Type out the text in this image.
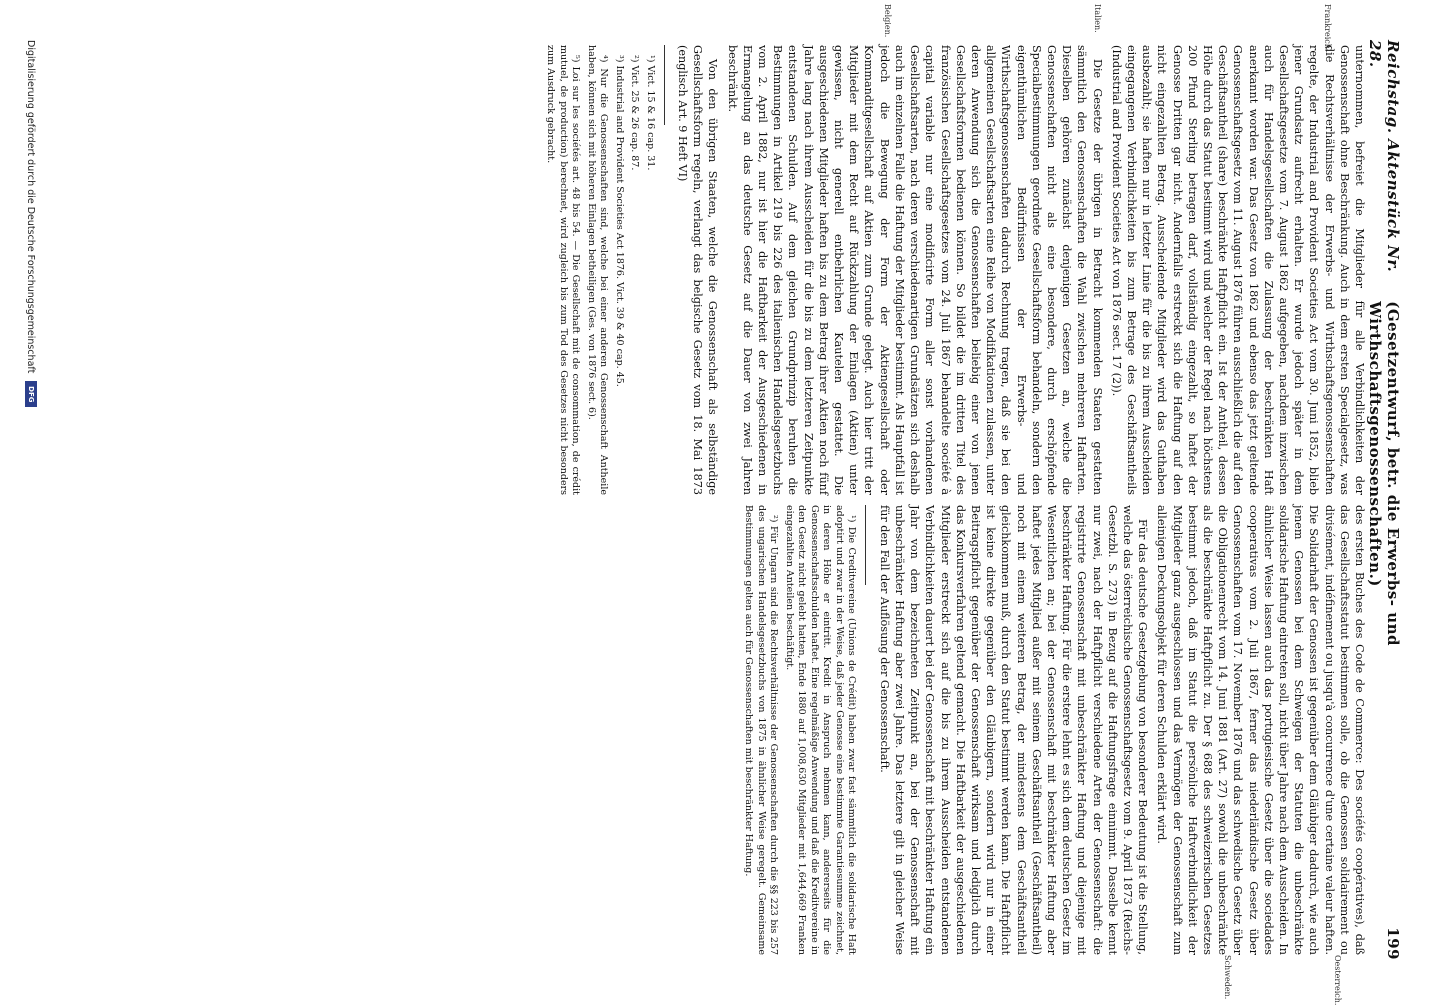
Reichstag. Aktenstück Nr. 28.
(Gesetzentwurf, betr. die Erwerbs- und Wirthschaftsgenossenschaften.)
199

unternommen, befreiet die Mitglieder für alle Verbindlichkeiten der Genossenschaft ohne Beschränkung. Auch in dem ersten Specialgesetz, was die Rechtsverhältnisse der Erwerbs- und Wirthschaftsgenossenschaften regelte, der Industrial and Provident Societies Act vom 30. Juni 1852, blieb jener Grundsatz aufrecht erhalten. Er wurde jedoch später in dem Gesellschaftsgesetze vom 7. August 1862 aufgegeben, nachdem inzwischen auch für Handelsgesellschaften die Zulassung der beschränkten Haft anerkannt worden war. Das Gesetz von 1862 und ebenso das jetzt geltende Genossenschaftsgesetz vom 11. August 1876 führen ausschließlich die auf den Geschäftsantheil (share) beschränkte Haftpflicht ein. Ist der Antheil, dessen Höhe durch das Statut bestimmt wird und welcher der Regel nach höchstens 200 Pfund Sterling betragen darf, vollständig eingezahlt, so haftet der Genosse Dritten gar nicht. Andernfalls erstreckt sich die Haftung auf den nicht eingezahlten Betrag. Ausscheidende Mitglieder wird das Guthaben ausbezahlt; sie haften nur in letzter Linie für die bis zu ihrem Ausscheiden eingegangenen Verbindlichkeiten bis zum Betrage des Geschäftsantheils (Industrial and Provident Societies Act von 1876 sect. 17 (2)).

Die Gesetze der übrigen in Betracht kommenden Staaten gestatten sämmtlich den Genossenschaften die Wahl zwischen mehreren Haftarten. Dieselben gehören zunächst denjenigen Gesetzen an, welche die Genossenschaften nicht als eine besondere, durch erschöpfende Specialbestimmungen geordnete Gesellschaftsform behandeln, sondern den eigenthümlichen Bedürfnissen der Erwerbs- und Wirthschaftsgenossenschaften dadurch Rechnung tragen, daß sie bei den allgemeinen Gesellschaftsarten eine Reihe von Modifikationen zulassen, unter deren Anwendung sich die Genossenschaften beliebig einer von jenen Gesellschaftsformen bedienen können. So bildet die im dritten Titel des französischen Gesellschaftsgesetzes vom 24. Juli 1867 behandelte société à capital variable nur eine modificirte Form aller sonst vorhandenen Gesellschaftsarten, nach deren verschiedenartigen Grundsätzen sich deshalb auch im einzelnen Falle die Haftung der Mitglieder bestimmt. Als Hauptfall ist jedoch die Bewegung der Form der Aktiengesellschaft oder Kommanditgesellschaft auf Aktien zum Grunde gelegt. Auch hier tritt der Mitglieder mit dem Recht auf Rückzahlung der Einlagen (Aktien) unter gewissen, nicht generell entbehrlichen Kautelen gestattet. Die ausgeschiedenen Mitglieder haften bis zu dem Betrag ihrer Aktien noch fünf Jahre lang nach ihrem Ausscheiden für die bis zu dem letzteren Zeitpunkte entstandenen Schulden. Auf dem gleichen Grundprinzip beruhen die Bestimmungen in Artikel 219 bis 226 des italienischen Handelsgesetzbuchs vom 2. April 1882, nur ist hier die Haftbarkeit der Ausgeschiedenen in Ermangelung an das deutsche Gesetz auf die Dauer von zwei Jahren beschränkt.

Von den übrigen Staaten, welche die Genossenschaft als selbständige Gesellschaftsform regeln, verlangt das belgische Gesetz vom 18. Mai 1873 (englisch Art. 9 Heft VI)

¹) Vict. 15 & 16 cap. 31.

²) Vict. 25 & 26 cap. 87.

³) Industrial and Provident Societies Act 1876. Vict. 39 & 40 cap. 45.

⁴) Nur die Genossenschaften sind, welche bei einer anderen Genossenschaft Antheile haben, können sich mit höheren Einlagen betheiligen (Ges. von 1876 sect. 6).

⁵) Loi sur les sociétés art. 48 bis 54. — Die Gesellschaft mit de consommation, de crédit mutuel, de production) berechnet, wird zugleich bis zum Tod des Gesetzes nicht besonders zum Ausdruck gebracht.

des ersten Buches des Code de Commerce: Des sociétés coopératives), daß das Gesellschaftsstatut bestimmen solle, ob die Genossen solidairement ou divisément, indéfinement ou jusqu'à concurrence d'une certaine valeur haften. Die Solidarhaft der Genossen ist gegenüber dem Gläubiger dadurch, wie auch jenem Genossen bei dem Schweigen der Statuten die unbeschränkte solidarische Haftung eintreten soll, nicht über Jahre nach dem Ausscheiden. In ähnlicher Weise lassen auch das portugiesische Gesetz über die sociedades cooperativas vom 2. Juli 1867, ferner das niederländische Gesetz über Genossenschaften vom 17. November 1876 und das schwedische Gesetz über die Obligationenrecht vom 14. Juni 1881 (Art. 27) sowohl die unbeschränkte als die beschränkte Haftpflicht zu. Der § 688 des schweizerischen Gesetzes bestimmt jedoch, daß im Statut die persönliche Haftverbindlichkeit der Mitglieder ganz ausgeschlossen und das Vermögen der Genossenschaft zum alleinigen Deckungsobjekt für deren Schulden erklärt wird.

Für das deutsche Gesetzgebung von besonderer Bedeutung ist die Stellung, welche das österreichische Genossenschaftsgesetz vom 9. April 1873 (Reichs-Gesetzbl. S. 273) in Bezug auf die Haftungsfrage einnimmt. Dasselbe kennt nur zwei, nach der Haftpflicht verschiedene Arten der Genossenschaft: die registrirte Genossenschaft mit unbeschränkter Haftung und diejenige mit beschränkter Haftung. Für die erstere lehnt es sich dem deutschen Gesetz im Wesentlichen an; bei der Genossenschaft mit beschränkter Haftung aber haftet jedes Mitglied außer mit seinem Geschäftsantheil (Geschäftsantheil) noch mit einem weiteren Betrag, der mindestens dem Geschäftsantheil gleichkommen muß, durch den Statut bestimmt werden kann. Die Haftpflicht ist keine direkte gegenüber den Gläubigern, sondern wird nur in einer Beitragspflicht gegenüber der Genossenschaft wirksam und lediglich durch das Konkursverfahren geltend gemacht. Die Haftbarkeit der ausgeschiedenen Mitglieder erstreckt sich auf die bis zu ihrem Ausscheiden entstandenen Verbindlichkeiten dauert bei der Genossenschaft mit beschränkter Haftung ein Jahr von dem bezeichneten Zeitpunkt an, bei der Genossenschaft mit unbeschränkter Haftung aber zwei Jahre. Das letztere gilt in gleicher Weise für den Fall der Auflösung der Genossenschaft.

¹) Die Creditvereine (Unions de Crédit) haben zwar fast sämmtlich die solidarische Haft adoptirt und zwar in der Weise, daß jeder Genosse eine bestimmte Garantiesumme zeichnet, in deren Höhe er eintritt. Kredit in Anspruch nehmen kann, andererseits für die Genossenschaftsschulden haftet. Eine regelmäßige Anwendung und daß die Kreditvereine in den Gesetz nicht gelebt hatten, Ende 1880 auf 1,008,630 Mitglieder mit 1,644,669 Franken eingezahlten Anteilen beschäftigt.

²) Für Ungarn sind die Rechtsverhältnisse der Genossenschaften durch die §§ 223 bis 257 des ungarischen Handelsgesetzbuchs von 1875 in ähnlicher Weise geregelt. Gemeinsame Bestimmungen gelten auch für Genossenschaften mit beschränkter Haftung.

Frankreich.
Italien.
Belgien.
Oesterreich.
Schweden.
Digitalisierung gefördert durch die Deutsche Forschungsgemeinschaft
DFG
